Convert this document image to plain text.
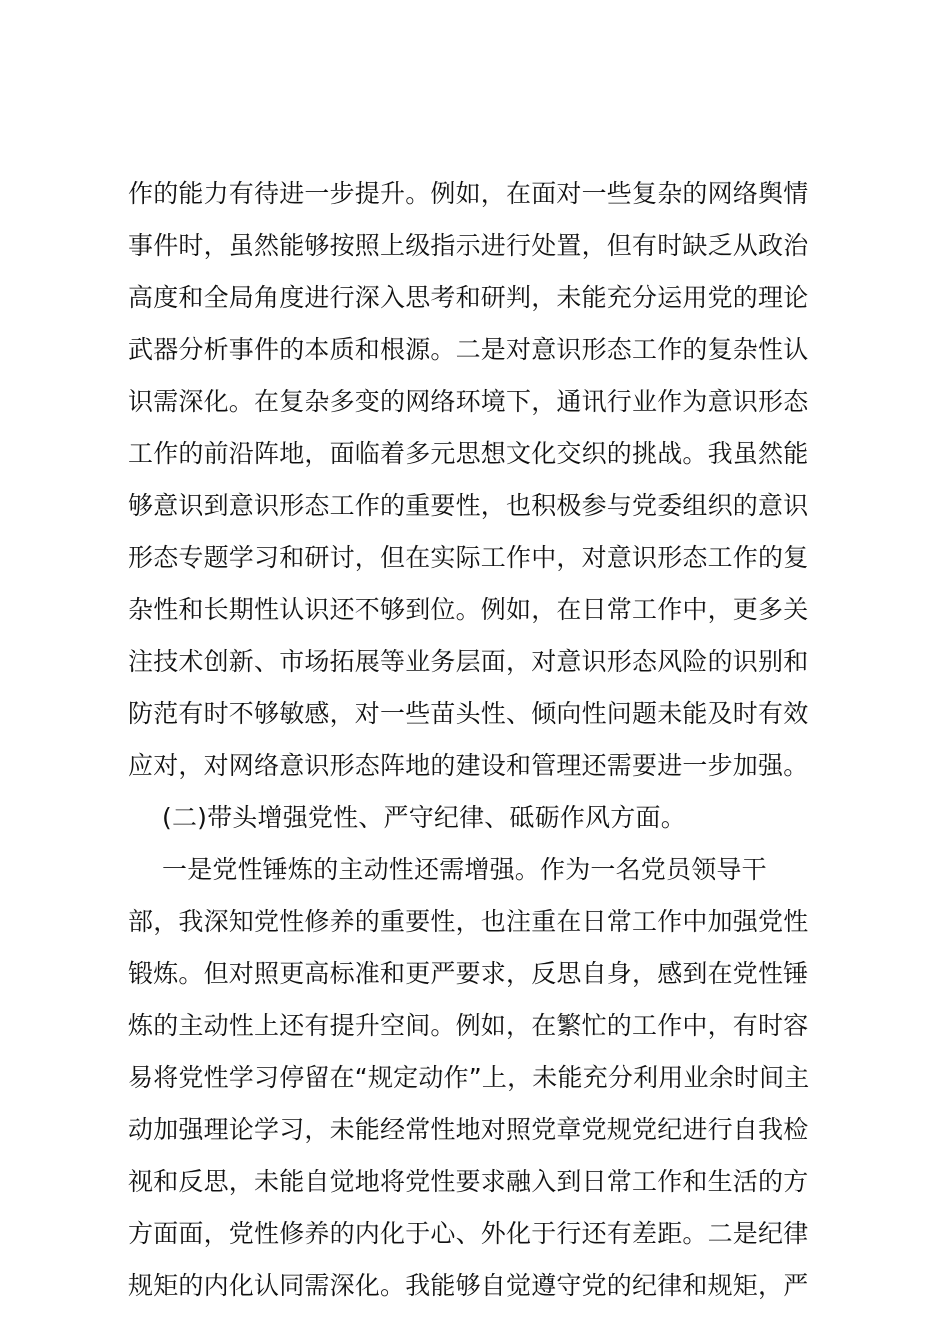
作的能力有待进一步提升。例如，在面对一些复杂的网络舆情
事件时，虽然能够按照上级指示进行处置，但有时缺乏从政治
高度和全局角度进行深入思考和研判，未能充分运用党的理论
武器分析事件的本质和根源。二是对意识形态工作的复杂性认
识需深化。在复杂多变的网络环境下，通讯行业作为意识形态
工作的前沿阵地，面临着多元思想文化交织的挑战。我虽然能
够意识到意识形态工作的重要性，也积极参与党委组织的意识
形态专题学习和研讨，但在实际工作中，对意识形态工作的复
杂性和长期性认识还不够到位。例如，在日常工作中，更多关
注技术创新、市场拓展等业务层面，对意识形态风险的识别和
防范有时不够敏感，对一些苗头性、倾向性问题未能及时有效
应对，对网络意识形态阵地的建设和管理还需要进一步加强。
(二)带头增强党性、严守纪律、砥砺作风方面。
一是党性锤炼的主动性还需增强。作为一名党员领导干
部，我深知党性修养的重要性，也注重在日常工作中加强党性
锻炼。但对照更高标准和更严要求，反思自身，感到在党性锤
炼的主动性上还有提升空间。例如，在繁忙的工作中，有时容
易将党性学习停留在“规定动作”上，未能充分利用业余时间主
动加强理论学习，未能经常性地对照党章党规党纪进行自我检
视和反思，未能自觉地将党性要求融入到日常工作和生活的方
方面面，党性修养的内化于心、外化于行还有差距。二是纪律
规矩的内化认同需深化。我能够自觉遵守党的纪律和规矩，严
